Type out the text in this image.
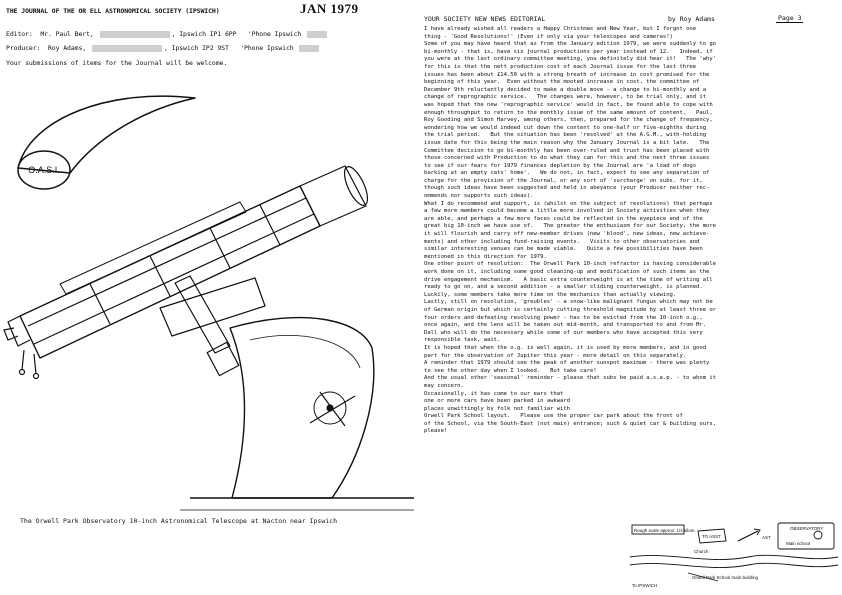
THE JOURNAL OF THE OR ELL ASTRONOMICAL SOCIETY (IPSWICH)	JAN 1979
Editor: Mr. Paul Bert,	, Ipswich IP1 6PP 'Phone Ipswich
Producer: Roy Adams,	, Ipswich IP2 9ST 'Phone Ipswich
Your submissions of items for the Journal will be welcome.
O.A.S.I.
The Orwell Park Observatory 10-inch Astronomical Telescope at Nacton near Ipswich
YOUR SOCIETY NEW NEWS EDITORIAL	by Roy Adams	Page 3
I have already wished all readers a Happy Christmas and New Year, but I forgot one
thing - 'Good Resolutions!' (Even if only via your telescopes and cameras!)
Some of you may have heard that as from the January edition 1979, we were suddenly to go
bi-monthly - that is, have six journal productions per year instead of 12.   Indeed, if
you were at the last ordinary committee meeting, you definitely did hear it!   The 'why'
for this is that the nett production cost of each Journal issue for the last three
issues has been about £14.50 with a strong breath of increase in cost promised for the
beginning of this year.  Even without the mooted increase in cost, the committee of
December 9th reluctantly decided to make a double move - a change to bi-monthly and a
change of reprographic service.   The changes were, however, to be trial only, and it
was hoped that the new 'reprographic service' would in fact, be found able to cope with
enough throughput to return to the monthly issue of the same amount of content.   Paul,
Roy Gooding and Simon Harvey, among others, then, prepared for the change of frequency,
wondering how we would indeed cut down the content to one-half or five-eighths during
the trial period.   But the situation has been 'resolved' at the A.G.M., with-holding
issue date for this being the main reason why the January Journal is a bit late.   The
Committee decision to go bi-monthly has been over-ruled and trust has been placed with
those concerned with Production to do what they can for this and the next three issues
to see if our fears for 1979 finances depletion by the Journal are 'a load of dogs
barking at an empty cats' home'.   We do not, in fact, expect to see any separation of
charge for the provision of the Journal, or any sort of 'surcharge' on subs. for it,
though such ideas have been suggested and held in abeyance (your Producer neither rec-
ommends nor supports such ideas).
What I do recommend and support, is (whilst on the subject of resolutions) that perhaps
a few more members could become a little more involved in Society activities when they
are able, and perhaps a few more faces could be reflected in the eyepiece end of the
great big 10-inch we have use of.   The greater the enthusiasm for our Society, the more
it will flourish and carry off new-member drives (new 'blood', new ideas, new achieve-
ments) and other including fund-raising events.   Visits to other observatories and
similar interesting venues can be made viable.   Quite a few possibilities have been
mentioned in this direction for 1979.
One other point of resolution:  The Orwell Park 10-inch refractor is having considerable
work done on it, including some good cleaning-up and modification of such items as the
drive engagement mechanism.   A basic extra counterweight is at the time of writing all
ready to go on, and a second addition - a smaller sliding counterweight, is planned.
Luckily, some members take more time on the mechanics than actually viewing.
Lastly, still on resolution, 'greubles' - a snow-like malignant fungus which may not be
of German origin but which is certainly cutting threshold magnitude by at least three or
four orders and defeating resolving power - has to be evicted from the 10-inch o.g.,
once again, and the lens will be taken out mid-month, and transported to and from Mr.
Dall who will do the necessary while some of our members who have accepted this very
responsible task, wait.
It is hoped that when the o.g. is well again, it is used by more members, and in good
part for the observation of Jupiter this year - more detail on this separately.
A reminder that 1979 should see the peak of another sunspot maximum - there was plenty
to see the other day when I looked.   But take care!
And the usual other 'seasonal' reminder - please that subs be paid a.s.a.p. - to whom it
may concern.
Occasionally, it has come to our ears that
one or more cars have been parked in awkward
places unwittingly by folk not familiar with
Orwell Park School layout.   Please use the proper car park about the front of
of the School, via the South-East (not main) entrance; such & quiet car & building ours,
please!
Rough scale approx: 1/4 kilom.
TO ASST
OBSERVATORY
AST
Main school
Church
Orwell Park School main building
To IPSWICH
